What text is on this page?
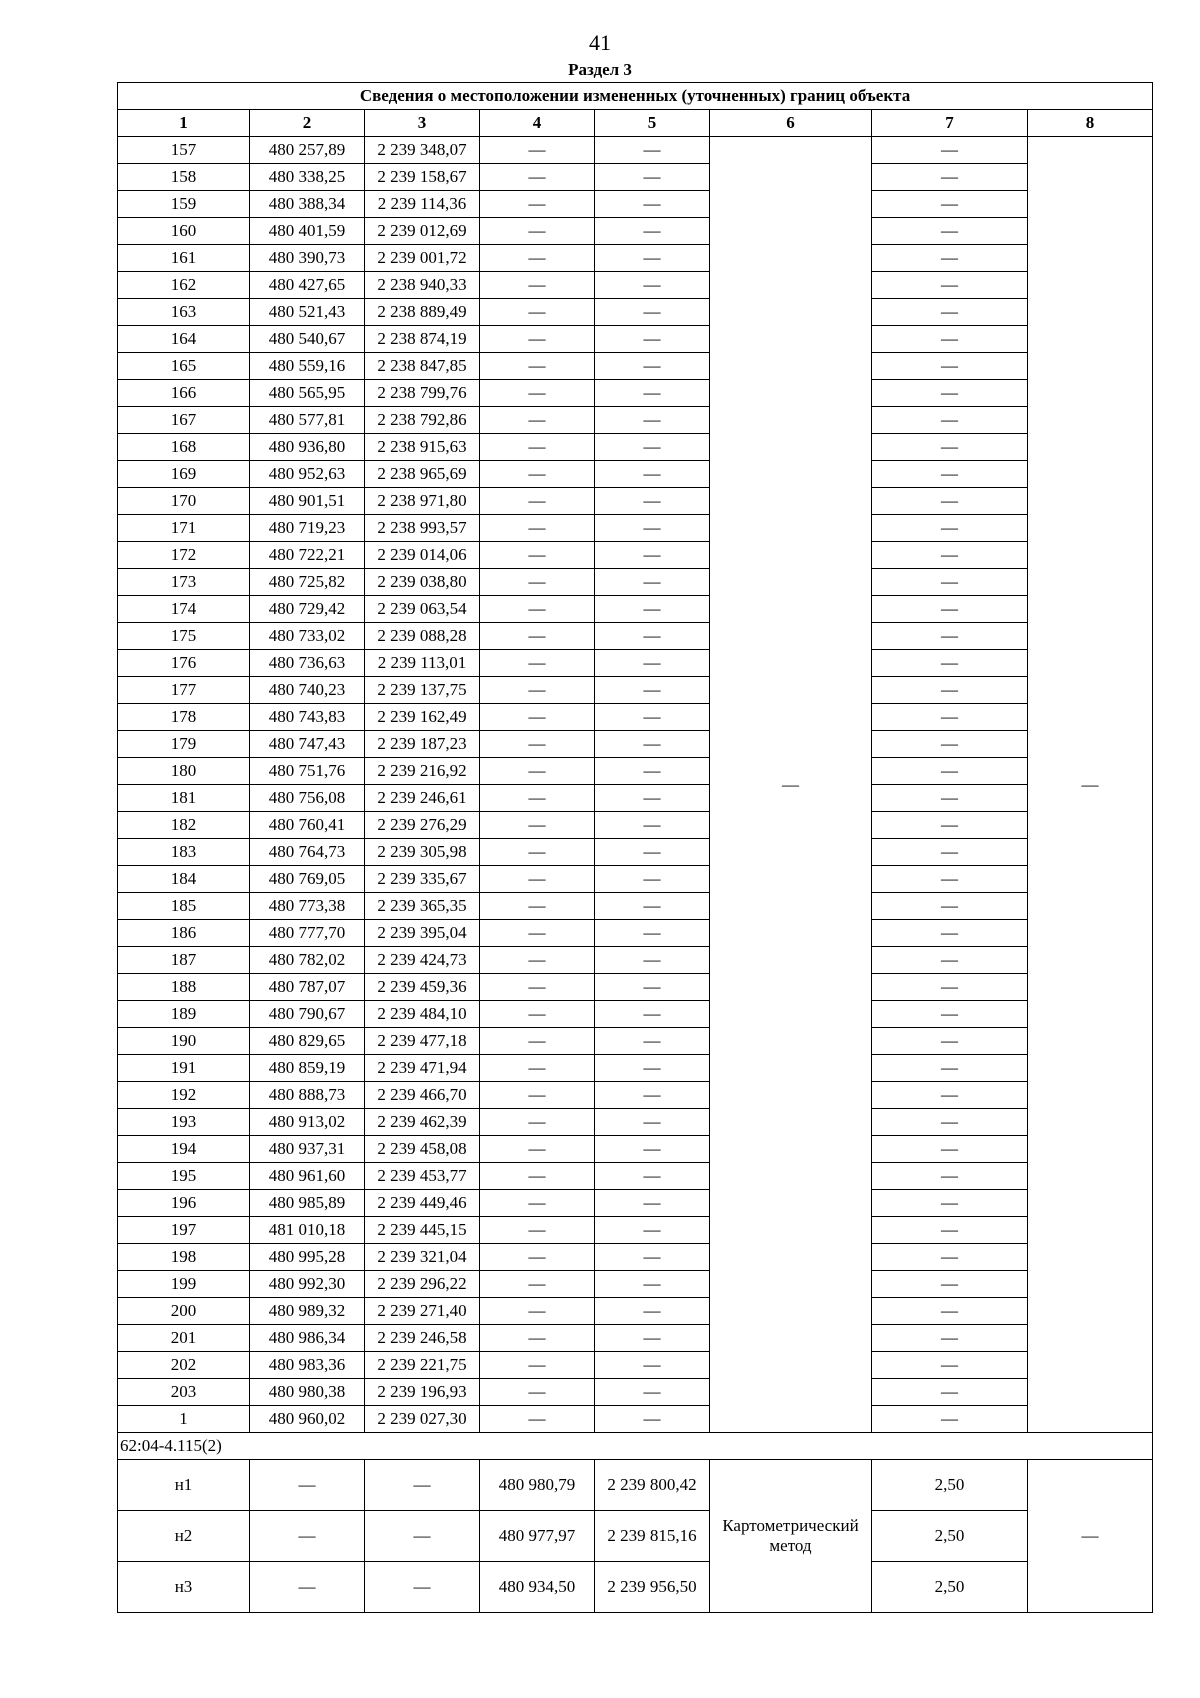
41
Раздел 3
Сведения о местоположении измененных (уточненных) границ объекта							
1	2	3	4	5	6	7	8
157	480 257,89	2 239 348,07	—	—	—	—	—
158	480 338,25	2 239 158,67	—	—		—	
159	480 388,34	2 239 114,36	—	—		—	
160	480 401,59	2 239 012,69	—	—		—	
161	480 390,73	2 239 001,72	—	—		—	
162	480 427,65	2 238 940,33	—	—		—	
163	480 521,43	2 238 889,49	—	—		—	
164	480 540,67	2 238 874,19	—	—		—	
165	480 559,16	2 238 847,85	—	—		—	
166	480 565,95	2 238 799,76	—	—		—	
167	480 577,81	2 238 792,86	—	—		—	
168	480 936,80	2 238 915,63	—	—		—	
169	480 952,63	2 238 965,69	—	—		—	
170	480 901,51	2 238 971,80	—	—		—	
171	480 719,23	2 238 993,57	—	—		—	
172	480 722,21	2 239 014,06	—	—		—	
173	480 725,82	2 239 038,80	—	—		—	
174	480 729,42	2 239 063,54	—	—		—	
175	480 733,02	2 239 088,28	—	—		—	
176	480 736,63	2 239 113,01	—	—		—	
177	480 740,23	2 239 137,75	—	—		—	
178	480 743,83	2 239 162,49	—	—		—	
179	480 747,43	2 239 187,23	—	—		—	
180	480 751,76	2 239 216,92	—	—		—	
181	480 756,08	2 239 246,61	—	—		—	
182	480 760,41	2 239 276,29	—	—		—	
183	480 764,73	2 239 305,98	—	—		—	
184	480 769,05	2 239 335,67	—	—		—	
185	480 773,38	2 239 365,35	—	—		—	
186	480 777,70	2 239 395,04	—	—		—	
187	480 782,02	2 239 424,73	—	—		—	
188	480 787,07	2 239 459,36	—	—		—	
189	480 790,67	2 239 484,10	—	—		—	
190	480 829,65	2 239 477,18	—	—		—	
191	480 859,19	2 239 471,94	—	—		—	
192	480 888,73	2 239 466,70	—	—		—	
193	480 913,02	2 239 462,39	—	—		—	
194	480 937,31	2 239 458,08	—	—		—	
195	480 961,60	2 239 453,77	—	—		—	
196	480 985,89	2 239 449,46	—	—		—	
197	481 010,18	2 239 445,15	—	—		—	
198	480 995,28	2 239 321,04	—	—		—	
199	480 992,30	2 239 296,22	—	—		—	
200	480 989,32	2 239 271,40	—	—		—	
201	480 986,34	2 239 246,58	—	—		—	
202	480 983,36	2 239 221,75	—	—		—	
203	480 980,38	2 239 196,93	—	—		—	
1	480 960,02	2 239 027,30	—	—		—	
62:04-4.115(2)							
н1	—	—	480 980,79	2 239 800,42	Картометрический метод	2,50	—
н2	—	—	480 977,97	2 239 815,16		2,50	
н3	—	—	480 934,50	2 239 956,50		2,50	
